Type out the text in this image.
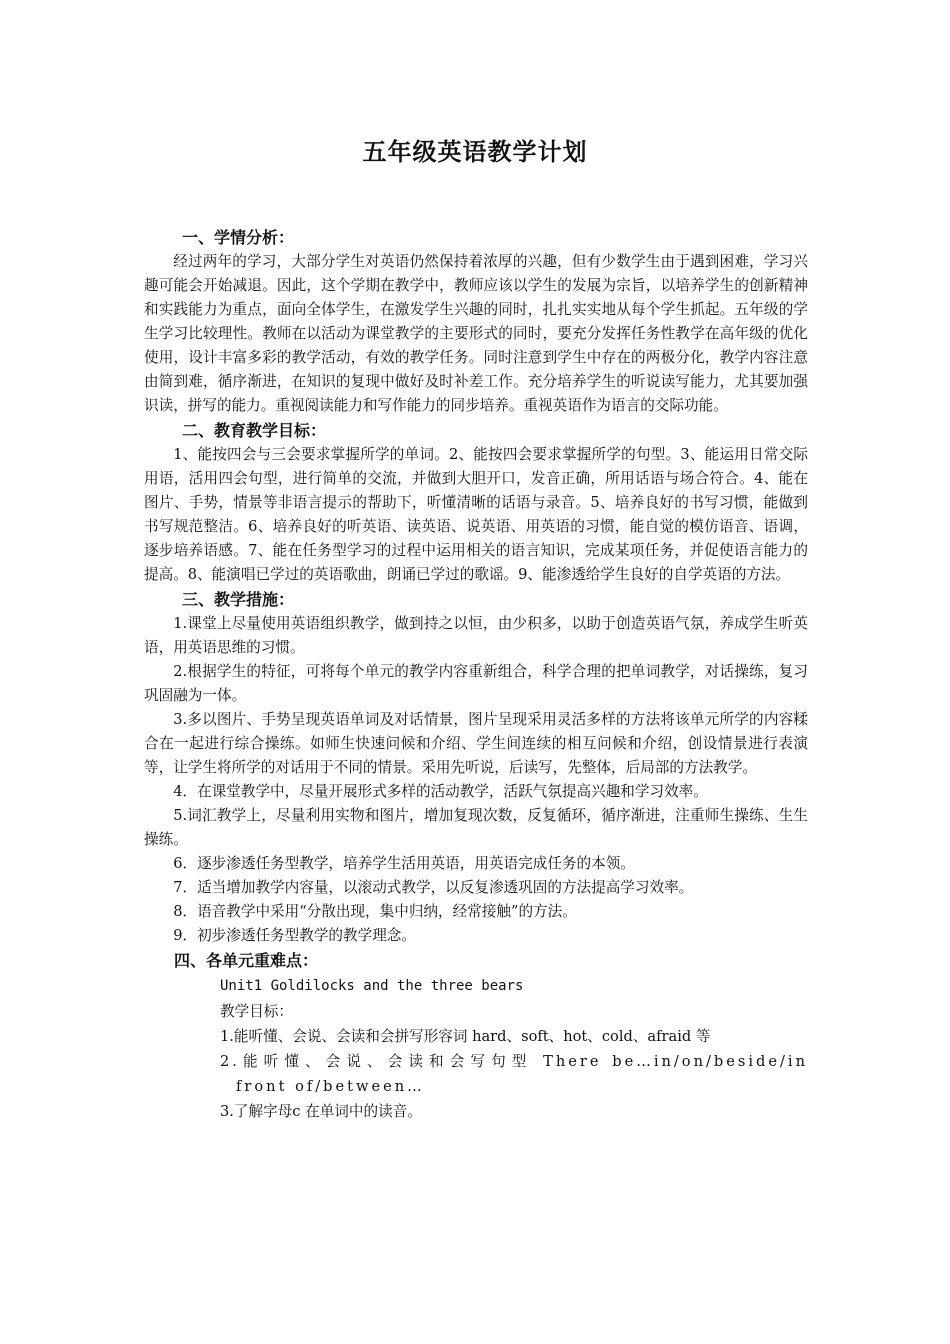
五年级英语教学计划

一、学情分析：

经过两年的学习，大部分学生对英语仍然保持着浓厚的兴趣，但有少数学生由于遇到困难，学习兴趣可能会开始减退。因此，这个学期在教学中，教师应该以学生的发展为宗旨，以培养学生的创新精神和实践能力为重点，面向全体学生，在激发学生兴趣的同时，扎扎实实地从每个学生抓起。五年级的学生学习比较理性。教师在以活动为课堂教学的主要形式的同时，要充分发挥任务性教学在高年级的优化使用，设计丰富多彩的教学活动，有效的教学任务。同时注意到学生中存在的两极分化，教学内容注意由简到难，循序渐进，在知识的复现中做好及时补差工作。充分培养学生的听说读写能力，尤其要加强识读，拼写的能力。重视阅读能力和写作能力的同步培养。重视英语作为语言的交际功能。

二、教育教学目标：

1、能按四会与三会要求掌握所学的单词。2、能按四会要求掌握所学的句型。3、能运用日常交际用语，活用四会句型，进行简单的交流，并做到大胆开口，发音正确，所用话语与场合符合。4、能在图片、手势，情景等非语言提示的帮助下，听懂清晰的话语与录音。5、培养良好的书写习惯，能做到书写规范整洁。6、培养良好的听英语、读英语、说英语、用英语的习惯，能自觉的模仿语音、语调，逐步培养语感。7、能在任务型学习的过程中运用相关的语言知识，完成某项任务，并促使语言能力的提高。8、能演唱已学过的英语歌曲，朗诵已学过的歌谣。9、能渗透给学生良好的自学英语的方法。

三、教学措施：

1.课堂上尽量使用英语组织教学，做到持之以恒，由少积多，以助于创造英语气氛，养成学生听英语，用英语思维的习惯。

2.根据学生的特征，可将每个单元的教学内容重新组合，科学合理的把单词教学，对话操练，复习巩固融为一体。

3.多以图片、手势呈现英语单词及对话情景，图片呈现采用灵活多样的方法将该单元所学的内容糅合在一起进行综合操练。如师生快速问候和介绍、学生间连续的相互问候和介绍，创设情景进行表演等，让学生将所学的对话用于不同的情景。采用先听说，后读写，先整体，后局部的方法教学。

4．在课堂教学中，尽量开展形式多样的活动教学，活跃气氛提高兴趣和学习效率。

5.词汇教学上，尽量利用实物和图片，增加复现次数，反复循环，循序渐进，注重师生操练、生生操练。

6．逐步渗透任务型教学，培养学生活用英语，用英语完成任务的本领。

7．适当增加教学内容量，以滚动式教学，以反复渗透巩固的方法提高学习效率。

8．语音教学中采用“分散出现，集中归纳，经常接触”的方法。

9．初步渗透任务型教学的教学理念。

四、各单元重难点：

Unit1 Goldilocks and the three bears

教学目标：

1.能听懂、会说、会读和会拼写形容词 hard、soft、hot、cold、afraid 等

2.能听懂、会说、会读和会写句型 There be…in/on/beside/in front of/between…

3.了解字母c 在单词中的读音。
